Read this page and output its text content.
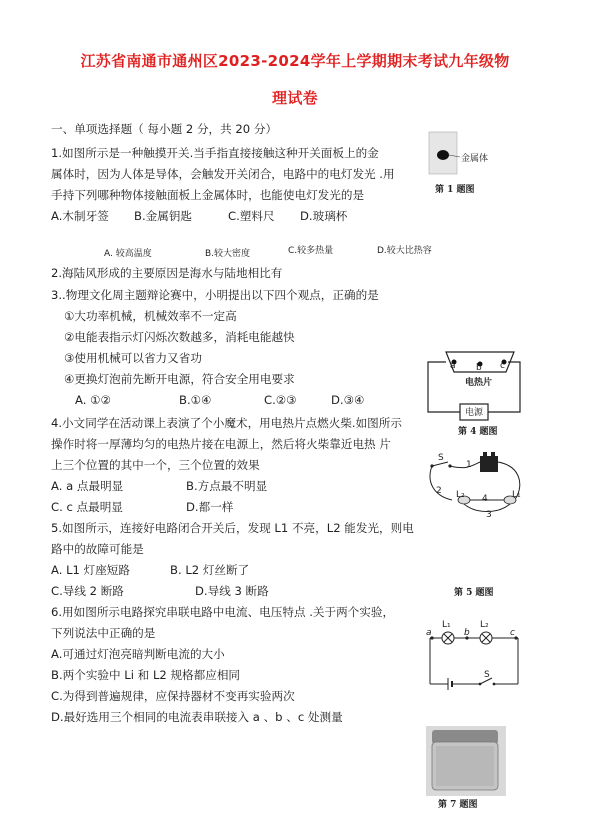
江苏省南通市通州区2023-2024学年上学期期末考试九年级物
理试卷
一、单项选择题（ 每小题 2 分，共 20 分）
1.如图所示是一种触摸开关.当手指直接接触这种开关面板上的金
属体时，因为人体是导体，会触发开关闭合，电路中的电灯发光 .用
手持下列哪种物体接触面板上金属体时，也能使电灯发光的是
A.木制牙签 B.金属钥匙	C.塑料尺 D.玻璃杯
金属体
第 1 题图
A. 较高温度	B.较大密度	C.较多热量	D.较大比热容
2.海陆风形成的主要原因是海水与陆地相比有
3..物理文化周主题辩论赛中，小明提出以下四个观点，正确的是
①大功率机械，机械效率不一定高
②电能表指示灯闪烁次数越多，消耗电能越快
③使用机械可以省力又省功
④更换灯泡前先断开电源，符合安全用电要求
A. ①②	B.①④	C.②③	D.③④
a b c
电热片
电源
第 4 题图
4.小文同学在活动课上表演了个小魔术，用电热片点燃火柴.如图所示
操作时将一厚薄均匀的电热片接在电源上，然后将火柴靠近电热 片
上三个位置的其中一个，三个位置的效果
A. a 点最明显	B.方点最不明显
C. c 点最明显	D.都一样
S
1
2
3
4
L₂	L₁
5.如图所示，连接好电路闭合开关后，发现 L1 不亮，L2 能发光，则电
路中的故障可能是
A. L1 灯座短路	B. L2 灯丝断了
C.导线 2 断路	D.导线 3 断路	第 5 题图
6.用如图所示电路探究串联电路中电流、电压特点 .关于两个实验，
下列说法中正确的是
A.可通过灯泡亮暗判断电流的大小
B.两个实验中 Li 和 L2 规格都应相同
C.为得到普遍规律，应保持器材不变再实验两次
D.最好选用三个相同的电流表串联接入 a 、b 、c 处测量
a	b	c
L₁	L₂
S
第 7 题图
